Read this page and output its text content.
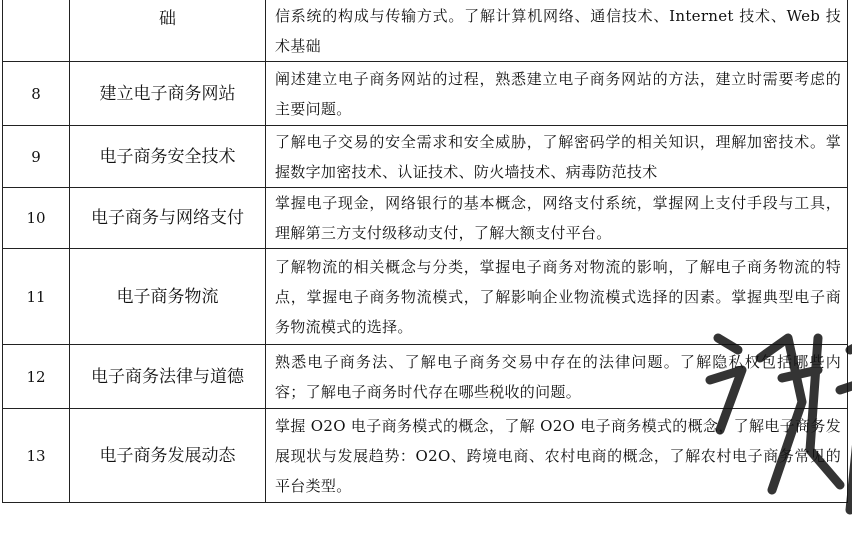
	础	信系统的构成与传输方式。了解计算机网络、通信技术、Internet 技术、Web 技术基础
8	建立电子商务网站	阐述建立电子商务网站的过程，熟悉建立电子商务网站的方法，建立时需要考虑的主要问题。
9	电子商务安全技术	了解电子交易的安全需求和安全威胁，了解密码学的相关知识，理解加密技术。掌握数字加密技术、认证技术、防火墙技术、病毒防范技术
10	电子商务与网络支付	掌握电子现金，网络银行的基本概念，网络支付系统，掌握网上支付手段与工具，理解第三方支付级移动支付，了解大额支付平台。
11	电子商务物流	了解物流的相关概念与分类，掌握电子商务对物流的影响，了解电子商务物流的特点，掌握电子商务物流模式，了解影响企业物流模式选择的因素。掌握典型电子商务物流模式的选择。
12	电子商务法律与道德	熟悉电子商务法、了解电子商务交易中存在的法律问题。了解隐私权包括哪些内容；了解电子商务时代存在哪些税收的问题。
13	电子商务发展动态	掌握 O2O 电子商务模式的概念，了解 O2O 电子商务模式的概念，了解电子商务发展现状与发展趋势：O2O、跨境电商、农村电商的概念，了解农村电子商务常见的平台类型。
